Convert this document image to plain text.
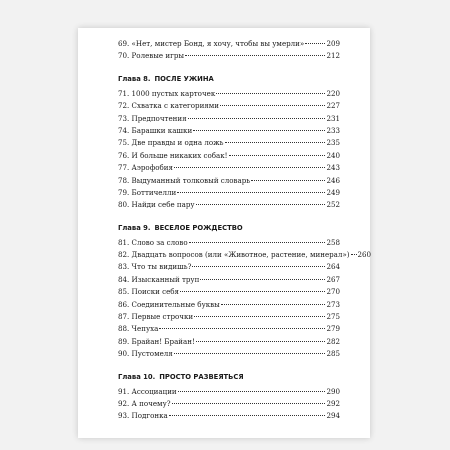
69. «Нет, мистер Бонд, я хочу, чтобы вы умерли»	209
70. Ролевые игры	212
Глава 8. ПОСЛЕ УЖИНА
71. 1000 пустых карточек	220
72. Схватка с категориями	227
73. Предпочтения	231
74. Барашки кашки	233
75. Две правды и одна ложь	235
76. И больше никаких собак!	240
77. Аэрофобия	243
78. Выдуманный толковый словарь	246
79. Боттичелли	249
80. Найди себе пару	252
Глава 9. ВЕСЕЛОЕ РОЖДЕСТВО
81. Слово за слово	258
82. Двадцать вопросов (или «Животное, растение, минерал») 260
83. Что ты видишь?	264
84. Изысканный труп	267
85. Поиски себя	270
86. Соединительные буквы	273
87. Первые строчки	275
88. Чепуха	279
89. Брайан! Брайан!	282
90. Пустомеля	285
Глава 10. ПРОСТО РАЗВЕЯТЬСЯ
91. Ассоциации	290
92. А почему?	292
93. Подгонка	294
